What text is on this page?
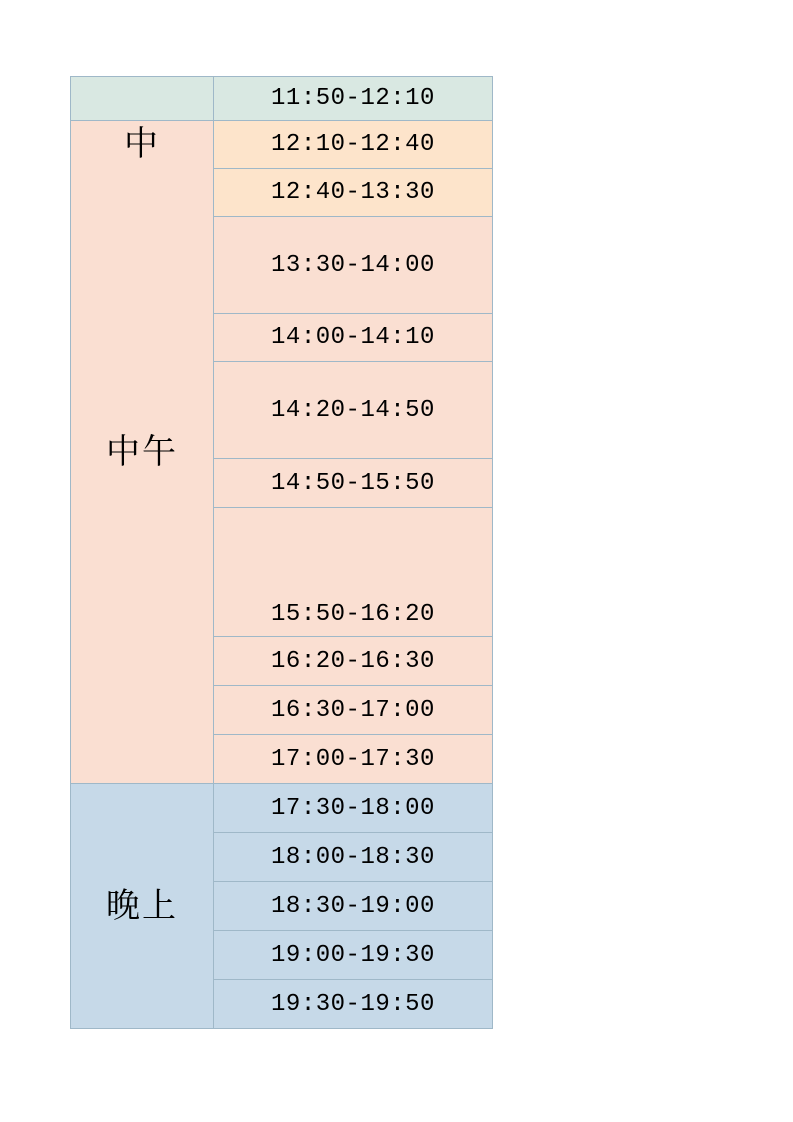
	11:50-12:10

中午
中	12:10-12:40
	12:40-13:30
	13:30-14:00
	14:00-14:10
	14:20-14:50
	14:50-15:50
	15:50-16:20
	16:20-16:30
	16:30-17:00
	17:00-17:30

晚上	17:30-18:00
	18:00-18:30
	18:30-19:00
	19:00-19:30
	19:30-19:50
